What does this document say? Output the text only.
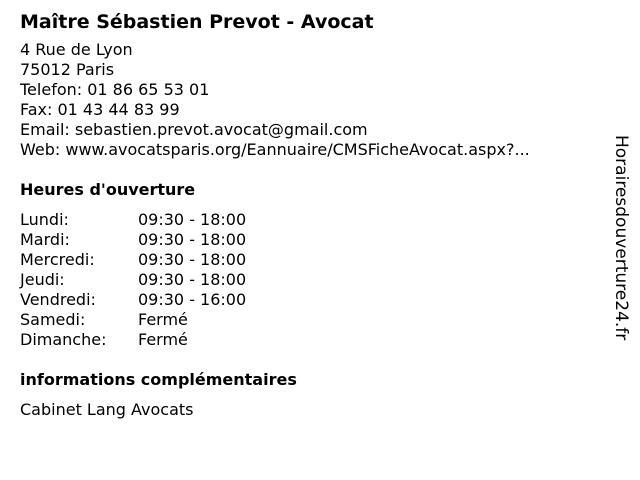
Maître Sébastien Prevot - Avocat
4 Rue de Lyon
75012 Paris
Telefon: 01 86 65 53 01
Fax: 01 43 44 83 99
Email: sebastien.prevot.avocat@gmail.com
Web: www.avocatsparis.org/Eannuaire/CMSFicheAvocat.aspx?...
Heures d'ouverture
Lundi:	09:30 - 18:00
Mardi:	09:30 - 18:00
Mercredi:	09:30 - 18:00
Jeudi:	09:30 - 18:00
Vendredi:	09:30 - 16:00
Samedi:	Fermé
Dimanche:	Fermé
informations complémentaires
Cabinet Lang Avocats
Horairesdouverture24.fr
